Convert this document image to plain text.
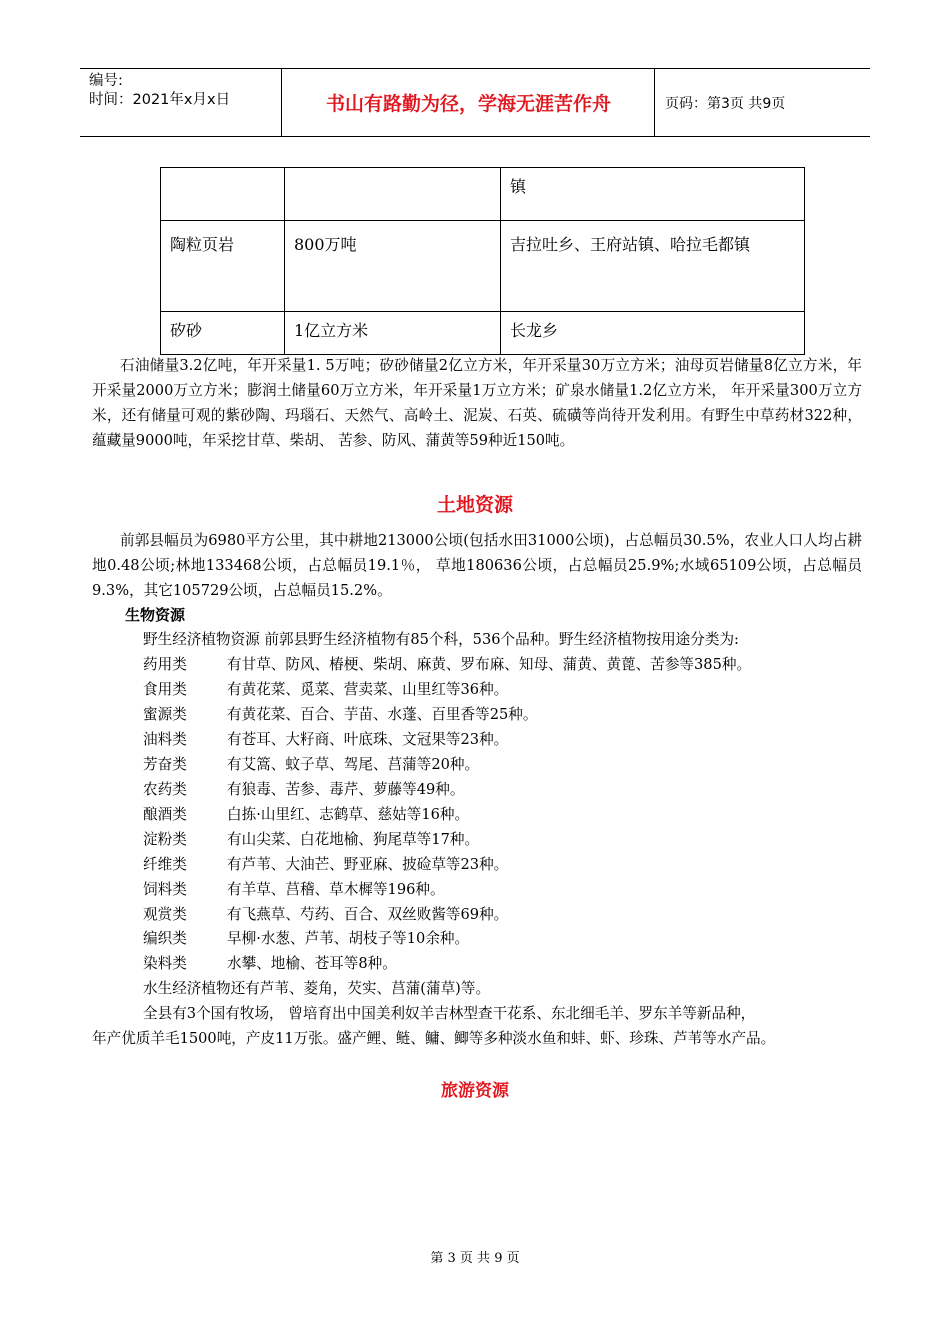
编号:
时间：2021年x月x日	书山有路勤为径，学海无涯苦作舟	页码：第3页 共9页
		镇
陶粒页岩	800万吨	吉拉吐乡、王府站镇、哈拉毛都镇
矽砂	1亿立方米	长龙乡
石油储量3.2亿吨，年开采量1. 5万吨；矽砂储量2亿立方米，年开采量30万立方米；油母页岩储量8亿立方米，年开采量2000万立方米；膨润土储量60万立方米，年开采量1万立方米；矿泉水储量1.2亿立方米， 年开采量300万立方米，还有储量可观的紫砂陶、玛瑙石、天然气、高岭土、泥炭、石英、硫磺等尚待开发利用。有野生中草药材322种，蕴藏量9000吨，年采挖甘草、柴胡、 苦参、防风、蒲黄等59种近150吨。
土地资源
前郭县幅员为6980平方公里，其中耕地213000公顷(包括水田31000公顷)，占总幅员30.5%，农业人口人均占耕地0.48公顷;林地133468公顷，占总幅员19.1％， 草地180636公顷，占总幅员25.9%;水域65109公顷，占总幅员9.3%，其它105729公顷，占总幅员15.2%。
生物资源
野生经济植物资源 前郭县野生经济植物有85个科，536个品种。野生经济植物按用途分类为:
药用类	有甘草、防风、椿梗、柴胡、麻黄、罗布麻、知母、蒲黄、黄蓖、苦参等385种。
食用类	有黄花菜、觅菜、营卖菜、山里红等36种。
蜜源类	有黄花菜、百合、芋苗、水蓬、百里香等25种。
油料类	有苍耳、大籽商、叶底珠、文冠果等23种。
芳奋类	有艾篙、蚊子草、驾尾、莒蒲等20种。
农药类	有狼毒、苦参、毒芹、萝藤等49种。
酿酒类	白拣·山里红、志鹤草、慈姑等16种。
淀粉类	有山尖菜、白花地榆、狗尾草等17种。
纤维类	有芦苇、大油芒、野亚麻、披硷草等23种。
饲料类	有羊草、莒稽、草木樨等196种。
观赏类	有飞燕草、芍药、百合、双丝败酱等69种。
编织类	早柳·水葱、芦苇、胡枝子等10余种。
染料类	水攀、地榆、苍耳等8种。
水生经济植物还有芦苇、菱角，芡实、莒蒲(蒲草)等。
全县有3个国有牧场， 曾培育出中国美利奴羊吉林型查干花系、东北细毛羊、罗东羊等新品种，
年产优质羊毛1500吨，产皮11万张。盛产鲤、鲢、鳙、鲫等多种淡水鱼和蚌、虾、珍珠、芦苇等水产品。
旅游资源
第 3 页 共 9 页
